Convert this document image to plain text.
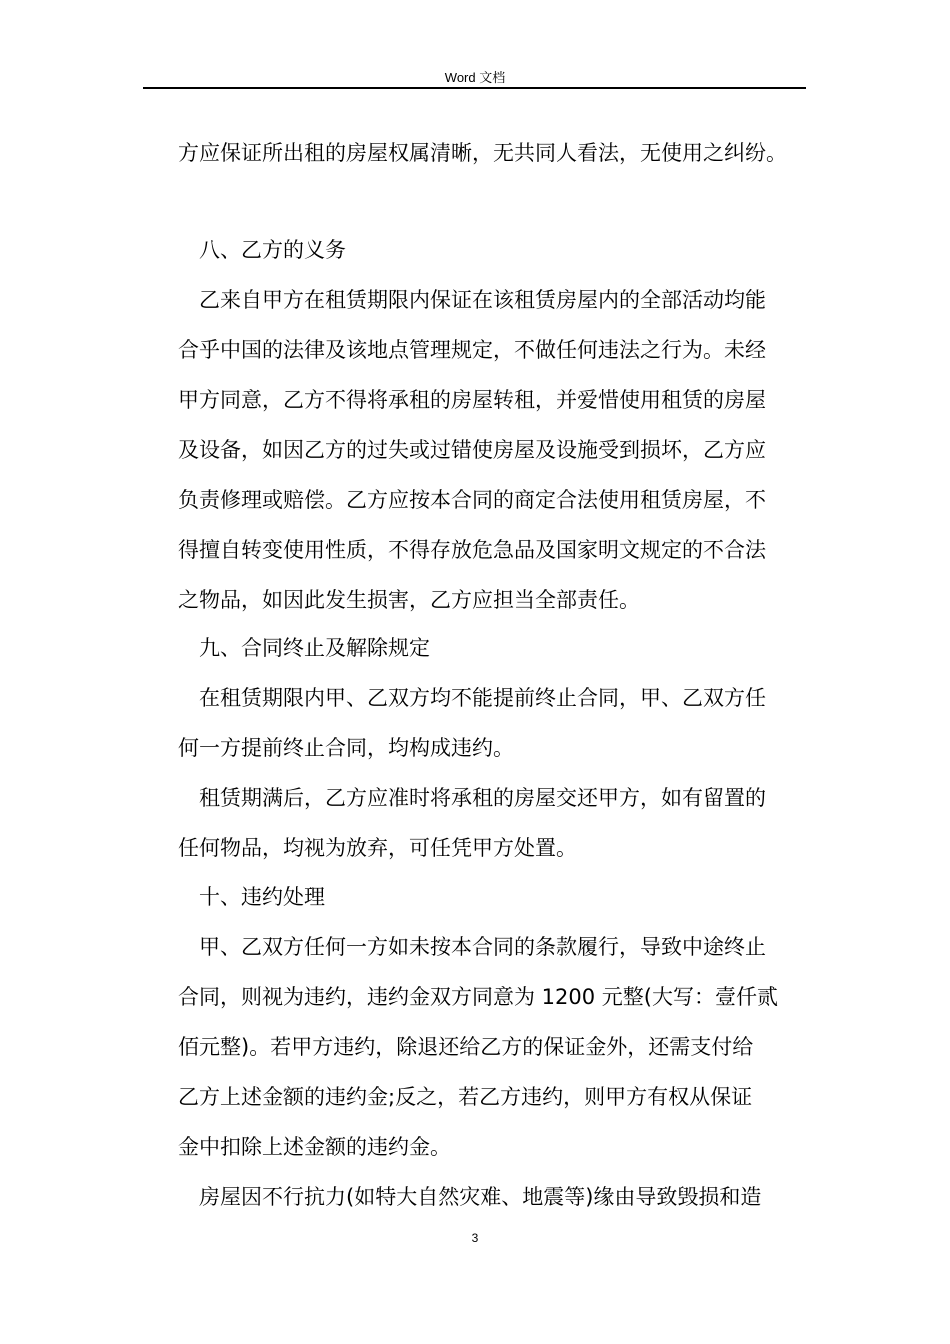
Word 文档
方应保证所出租的房屋权属清晰，无共同人看法，无使用之纠纷。
八、乙方的义务
乙来自甲方在租赁期限内保证在该租赁房屋内的全部活动均能
合乎中国的法律及该地点管理规定，不做任何违法之行为。未经
甲方同意，乙方不得将承租的房屋转租，并爱惜使用租赁的房屋
及设备，如因乙方的过失或过错使房屋及设施受到损坏，乙方应
负责修理或赔偿。乙方应按本合同的商定合法使用租赁房屋，不
得擅自转变使用性质，不得存放危急品及国家明文规定的不合法
之物品，如因此发生损害，乙方应担当全部责任。
九、合同终止及解除规定
在租赁期限内甲、乙双方均不能提前终止合同，甲、乙双方任
何一方提前终止合同，均构成违约。
租赁期满后，乙方应准时将承租的房屋交还甲方，如有留置的
任何物品，均视为放弃，可任凭甲方处置。
十、违约处理
甲、乙双方任何一方如未按本合同的条款履行，导致中途终止
合同，则视为违约，违约金双方同意为 1200 元整(大写：壹仟贰
佰元整)。若甲方违约，除退还给乙方的保证金外，还需支付给
乙方上述金额的违约金;反之，若乙方违约，则甲方有权从保证
金中扣除上述金额的违约金。
房屋因不行抗力(如特大自然灾难、地震等)缘由导致毁损和造
3
